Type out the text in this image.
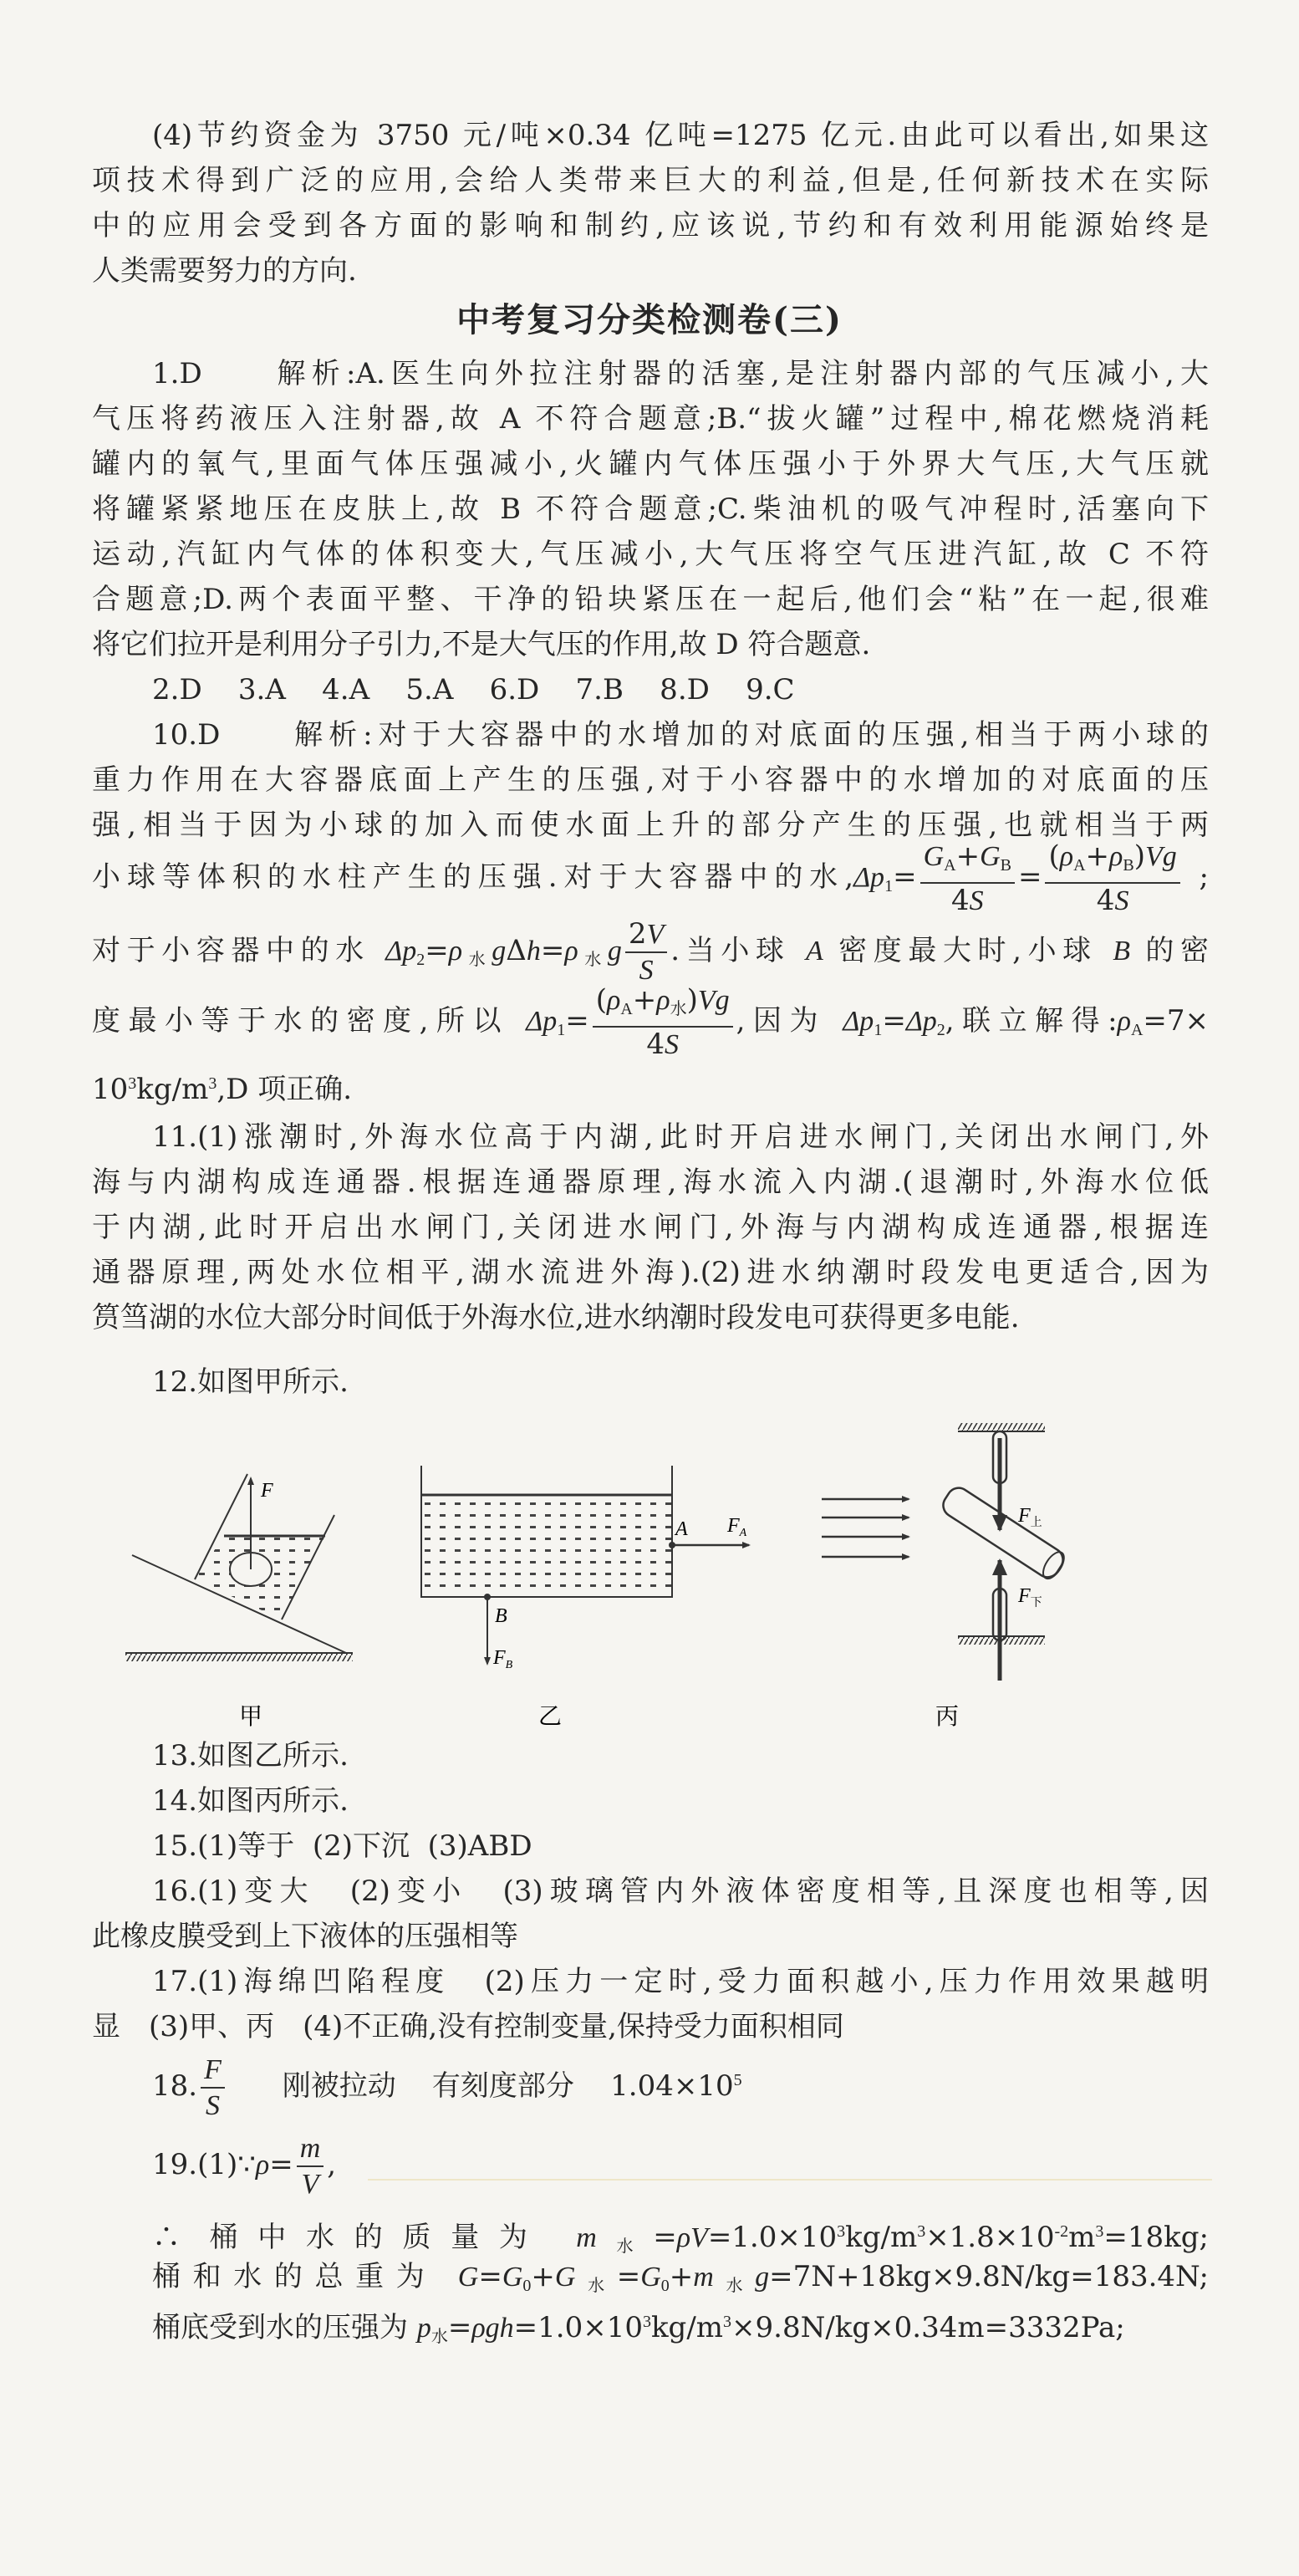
(4)节约资金为 3750 元/吨×0.34 亿吨=1275 亿元.由此可以看出,如果这
项技术得到广泛的应用,会给人类带来巨大的利益,但是,任何新技术在实际
中的应用会受到各方面的影响和制约,应该说,节约和有效利用能源始终是
人类需要努力的方向.
中考复习分类检测卷(三)
1.D　　解析:A.医生向外拉注射器的活塞,是注射器内部的气压减小,大
气压将药液压入注射器,故 A 不符合题意;B.“拔火罐”过程中,棉花燃烧消耗
罐内的氧气,里面气体压强减小,火罐内气体压强小于外界大气压,大气压就
将罐紧紧地压在皮肤上,故 B 不符合题意;C.柴油机的吸气冲程时,活塞向下
运动,汽缸内气体的体积变大,气压减小,大气压将空气压进汽缸,故 C 不符
合题意;D.两个表面平整、干净的铅块紧压在一起后,他们会“粘”在一起,很难
将它们拉开是利用分子引力,不是大气压的作用,故 D 符合题意.
2.D    3.A    4.A    5.A    6.D    7.B    8.D    9.C
10.D　　解析:对于大容器中的水增加的对底面的压强,相当于两小球的
重力作用在大容器底面上产生的压强,对于小容器中的水增加的对底面的压
强,相当于因为小球的加入而使水面上升的部分产生的压强,也就相当于两
小球等体积的水柱产生的压强.对于大容器中的水$,\Delta p_1= \frac{G_A+G_B}{4S} = \frac{(\rho_A+\rho_B)Vg}{4S}$ ;
对于小容器中的水 $\Delta p_2=\rho_水g\Delta h=\rho_水g \frac{2V}{S}$ .当小球 A 密度最大时,小球 B 的密
度最小等于水的密度,所以 $\Delta p_1= \frac{(\rho_A+\rho_水)Vg}{4S}$ ,因为 $\Delta p_1=\Delta p_2$,联立解得$:\rho_A=7\times$
$10^3kg/m^3,D$ 项正确.
11.(1)涨潮时,外海水位高于内湖,此时开启进水闸门,关闭出水闸门,外
海与内湖构成连通器.根据连通器原理,海水流入内湖.(退潮时,外海水位低
于内湖,此时开启出水闸门,关闭进水闸门,外海与内湖构成连通器,根据连
通器原理,两处水位相平,湖水流进外海).(2)进水纳潮时段发电更适合,因为
筼筜湖的水位大部分时间低于外海水位,进水纳潮时段发电可获得更多电能.
12.如图甲所示.
F
甲
A $F_A$
B
$F_B$
乙
$F_上$
$F_下$
丙
13.如图乙所示.
14.如图丙所示.
15.(1)等于  (2)下沉  (3)ABD
16.(1)变大　(2)变小　(3)玻璃管内外液体密度相等,且深度也相等,因
此橡皮膜受到上下液体的压强相等
17.(1)海绵凹陷程度　(2)压力一定时,受力面积越小,压力作用效果越明
显　(3)甲、丙　(4)不正确,没有控制变量,保持受力面积相同
18. $\frac{F}{S}$ 刚被拉动    有刻度部分    $1.04\times 10^5$
19.(1)∵ρ= $\frac{m}{V}$ ,
∴ 桶中水的质量为 $m_水=\rho V=1.0\times 10^3kg/m^3\times 1.8\times 10^{-2}m^3=18kg$;
桶和水的总重为 $G=G_0+G_水=G_0+m_水g=7N+18kg\times 9.8N/kg=183.4N$;
桶底受到水的压强为 $p_水=\rho gh=1.0\times 10^3kg/m^3\times 9.8N/kg\times 0.34m=3332Pa$;
